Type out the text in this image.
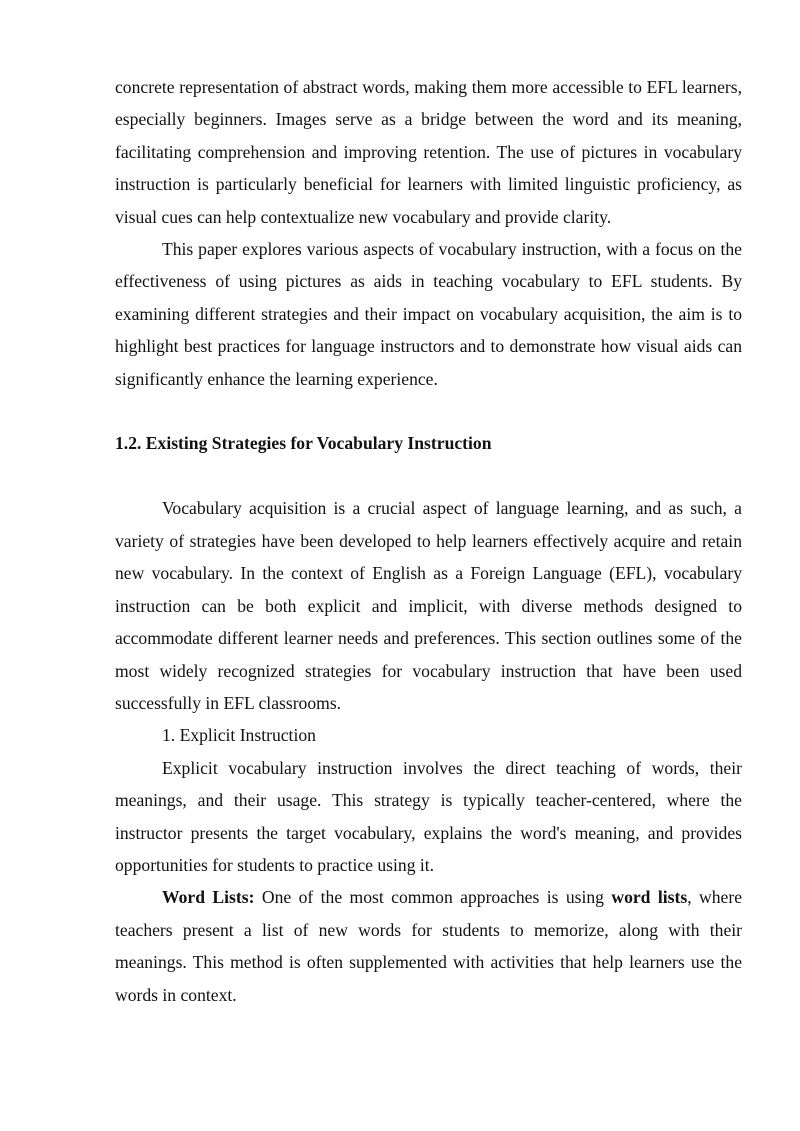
concrete representation of abstract words, making them more accessible to EFL learners, especially beginners. Images serve as a bridge between the word and its meaning, facilitating comprehension and improving retention. The use of pictures in vocabulary instruction is particularly beneficial for learners with limited linguistic proficiency, as visual cues can help contextualize new vocabulary and provide clarity.

This paper explores various aspects of vocabulary instruction, with a focus on the effectiveness of using pictures as aids in teaching vocabulary to EFL students. By examining different strategies and their impact on vocabulary acquisition, the aim is to highlight best practices for language instructors and to demonstrate how visual aids can significantly enhance the learning experience.

1.2. Existing Strategies for Vocabulary Instruction

Vocabulary acquisition is a crucial aspect of language learning, and as such, a variety of strategies have been developed to help learners effectively acquire and retain new vocabulary. In the context of English as a Foreign Language (EFL), vocabulary instruction can be both explicit and implicit, with diverse methods designed to accommodate different learner needs and preferences. This section outlines some of the most widely recognized strategies for vocabulary instruction that have been used successfully in EFL classrooms.

1. Explicit Instruction

Explicit vocabulary instruction involves the direct teaching of words, their meanings, and their usage. This strategy is typically teacher-centered, where the instructor presents the target vocabulary, explains the word's meaning, and provides opportunities for students to practice using it.

Word Lists: One of the most common approaches is using word lists, where teachers present a list of new words for students to memorize, along with their meanings. This method is often supplemented with activities that help learners use the words in context.
